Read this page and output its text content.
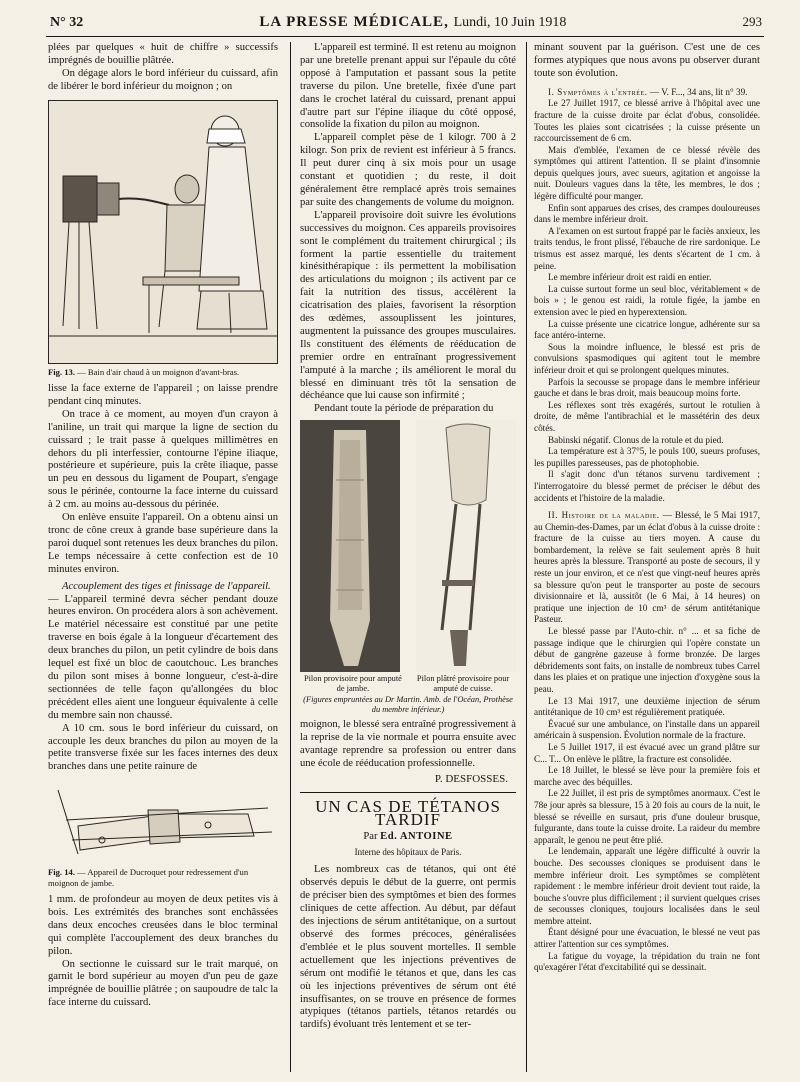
N° 32	LA PRESSE MÉDICALE, Lundi, 10 Juin 1918	293

plées par quelques « huit de chiffre » successifs imprégnés de bouillie plâtrée.

On dégage alors le bord inférieur du cuissard, afin de libérer le bord inférieur du moignon ; on

Fig. 13. — Bain d'air chaud à un moignon d'avant-bras.

lisse la face externe de l'appareil ; on laisse prendre pendant cinq minutes.

On trace à ce moment, au moyen d'un crayon à l'aniline, un trait qui marque la ligne de section du cuissard ; le trait passe à quelques millimètres en dehors du pli interfessier, contourne l'épine iliaque, postérieure et supérieure, puis la crête iliaque, passe un peu en dessous du ligament de Poupart, s'engage sous le périnée, contourne la face interne du cuissard à 2 cm. au moins au-dessous du périnée.

On enlève ensuite l'appareil. On a obtenu ainsi un tronc de cône creux à grande base supérieure dans la paroi duquel sont retenues les deux branches du pilon. Le temps nécessaire à cette confection est de 10 minutes environ.

Accouplement des tiges et finissage de l'appareil.

— L'appareil terminé devra sécher pendant douze heures environ. On procédera alors à son achèvement. Le matériel nécessaire est constitué par une petite traverse en bois égale à la longueur d'écartement des deux branches du pilon, un petit cylindre de bois dans lequel est fixé un bloc de caoutchouc. Les branches du pilon sont mises à bonne longueur, c'est-à-dire sectionnées de telle façon qu'allongées du bloc précédent elles aient une longueur équivalente à celle du membre sain non chaussé.

A 10 cm. sous le bord inférieur du cuissard, on accouple les deux branches du pilon au moyen de la petite transverse fixée sur les faces internes des deux branches dans une petite rainure de

Fig. 14. — Appareil de Ducroquet pour redressement d'un moignon de jambe.

1 mm. de profondeur au moyen de deux petites vis à bois. Les extrémités des branches sont enchâssées dans deux encoches creusées dans le bloc terminal qui complète l'accouplement des deux branches du pilon.

On sectionne le cuissard sur le trait marqué, on garnit le bord supérieur au moyen d'un peu de gaze imprégnée de bouillie plâtrée ; on saupoudre de talc la face interne du cuissard.

L'appareil est terminé. Il est retenu au moignon par une bretelle prenant appui sur l'épaule du côté opposé à l'amputation et passant sous la petite traverse du pilon. Une bretelle, fixée d'une part dans le crochet latéral du cuissard, prenant appui d'autre part sur l'épine iliaque du côté opposé, consolide la fixation du pilon au moignon.

L'appareil complet pèse de 1 kilogr. 700 à 2 kilogr. Son prix de revient est inférieur à 5 francs. Il peut durer cinq à six mois pour un usage constant et quotidien ; du reste, il doit généralement être remplacé après trois semaines par suite des changements de volume du moignon.

L'appareil provisoire doit suivre les évolutions successives du moignon. Ces appareils provisoires sont le complément du traitement chirurgical ; ils forment la partie essentielle du traitement kinésithérapique : ils permettent la mobilisation des articulations du moignon ; ils activent par ce fait la nutrition des tissus, accélèrent la cicatrisation des plaies, favorisent la résorption des œdèmes, assouplissent les jointures, augmentent la puissance des groupes musculaires. Ils constituent des éléments de rééducation de premier ordre en entraînant progressivement l'amputé à la marche ; ils améliorent le moral du blessé en diminuant très tôt la sensation de déchéance que lui cause son infirmité ;

Pendant toute la période de préparation du

Pilon provisoire pour amputé de jambe.
Pilon plâtré provisoire pour amputé de cuisse.
(Figures empruntées au Dr Martin. Amb. de l'Océan, Prothèse du membre inférieur.)

moignon, le blessé sera entraîné progressivement à la reprise de la vie normale et pourra ensuite avec avantage reprendre sa profession ou entrer dans une école de rééducation professionnelle.

P. DESFOSSES.
UN CAS DE TÉTANOS TARDIF
Par Ed. ANTOINE
Interne des hôpitaux de Paris.

Les nombreux cas de tétanos, qui ont été observés depuis le début de la guerre, ont permis de préciser bien des symptômes et bien des formes cliniques de cette affection. Au début, par défaut des injections de sérum antitétanique, on a surtout observé des formes précoces, généralisées d'emblée et le plus souvent mortelles. Il semble actuellement que les injections préventives de sérum ont modifié le tétanos et que, dans les cas où les injections préventives de sérum ont été insuffisantes, on se trouve en présence de formes atypiques (tétanos partiels, tétanos retardés ou tardifs) évoluant très lentement et se ter-

minant souvent par la guérison. C'est une de ces formes atypiques que nous avons pu observer durant toute son évolution.

I. Symptômes à l'entrée. — V. F..., 34 ans, lit n° 39.

Le 27 Juillet 1917, ce blessé arrive à l'hôpital avec une fracture de la cuisse droite par éclat d'obus, consolidée. Toutes les plaies sont cicatrisées ; la cuisse présente un raccourcissement de 6 cm.

Mais d'emblée, l'examen de ce blessé révèle des symptômes qui attirent l'attention. Il se plaint d'insomnie depuis quelques jours, avec sueurs, agitation et angoisse la nuit. Douleurs vagues dans la tête, les membres, le dos ; légère difficulté pour manger.

Enfin sont apparues des crises, des crampes douloureuses dans le membre inférieur droit.

A l'examen on est surtout frappé par le faciès anxieux, les traits tendus, le front plissé, l'ébauche de rire sardonique. Le trismus est assez marqué, les dents s'écartent de 1 cm. à peine.

Le membre inférieur droit est raidi en entier.

La cuisse surtout forme un seul bloc, véritablement « de bois » ; le genou est raidi, la rotule figée, la jambe en extension avec le pied en hyperextension.

La cuisse présente une cicatrice longue, adhérente sur sa face antéro-interne.

Sous la moindre influence, le blessé est pris de convulsions spasmodiques qui agitent tout le membre inférieur droit et qui se prolongent quelques minutes.

Parfois la secousse se propage dans le membre inférieur gauche et dans le bras droit, mais beaucoup moins forte.

Les réflexes sont très exagérés, surtout le rotulien à droite, de même l'antibrachial et le massétérin des deux côtés.

Babinski négatif. Clonus de la rotule et du pied.

La température est à 37°5, le pouls 100, sueurs profuses, les pupilles paresseuses, pas de photophobie.

Il s'agit donc d'un tétanos survenu tardivement ; l'interrogatoire du blessé permet de préciser le début des accidents et l'histoire de la maladie.

II. Histoire de la maladie. — Blessé, le 5 Mai 1917, au Chemin-des-Dames, par un éclat d'obus à la cuisse droite : fracture de la cuisse au tiers moyen. A cause du bombardement, la relève se fait seulement après 8 huit heures après la blessure. Transporté au poste de secours, il y reste un jour environ, et ce n'est que vingt-neuf heures après sa blessure qu'on peut le transporter au poste de secours divisionnaire et là, aussitôt (le 6 Mai, à 14 heures) on pratique une injection de 10 cm³ de sérum antitétanique Pasteur.

Le blessé passe par l'Auto-chir. n° ... et sa fiche de passage indique que le chirurgien qui l'opère constate un début de gangrène gazeuse à forme bronzée. De larges débridements sont faits, on installe de nombreux tubes Carrel dans les plaies et on pratique une injection d'oxygène sous la peau.

Le 13 Mai 1917, une deuxième injection de sérum antitétanique de 10 cm³ est régulièrement pratiquée.

Évacué sur une ambulance, on l'installe dans un appareil américain à suspension. Évolution normale de la fracture.

Le 5 Juillet 1917, il est évacué avec un grand plâtre sur C... T... On enlève le plâtre, la fracture est consolidée.

Le 18 Juillet, le blessé se lève pour la première fois et marche avec des béquilles.

Le 22 Juillet, il est pris de symptômes anormaux. C'est le 78e jour après sa blessure, 15 à 20 fois au cours de la nuit, le blessé se réveille en sursaut, pris d'une douleur brusque, fulgurante, dans toute la cuisse droite. La raideur du membre apparaît, le genou ne peut être plié.

Le lendemain, apparaît une légère difficulté à ouvrir la bouche. Des secousses cloniques se produisent dans le membre inférieur droit. Les symptômes se complètent rapidement : le membre inférieur droit devient tout raide, la bouche s'ouvre plus difficilement ; il survient quelques crises de secousses cloniques, toujours localisées dans le seul membre atteint.

Étant désigné pour une évacuation, le blessé ne veut pas attirer l'attention sur ces symptômes.

La fatigue du voyage, la trépidation du train ne font qu'exagérer l'état d'excitabilité qui se dessinait.
